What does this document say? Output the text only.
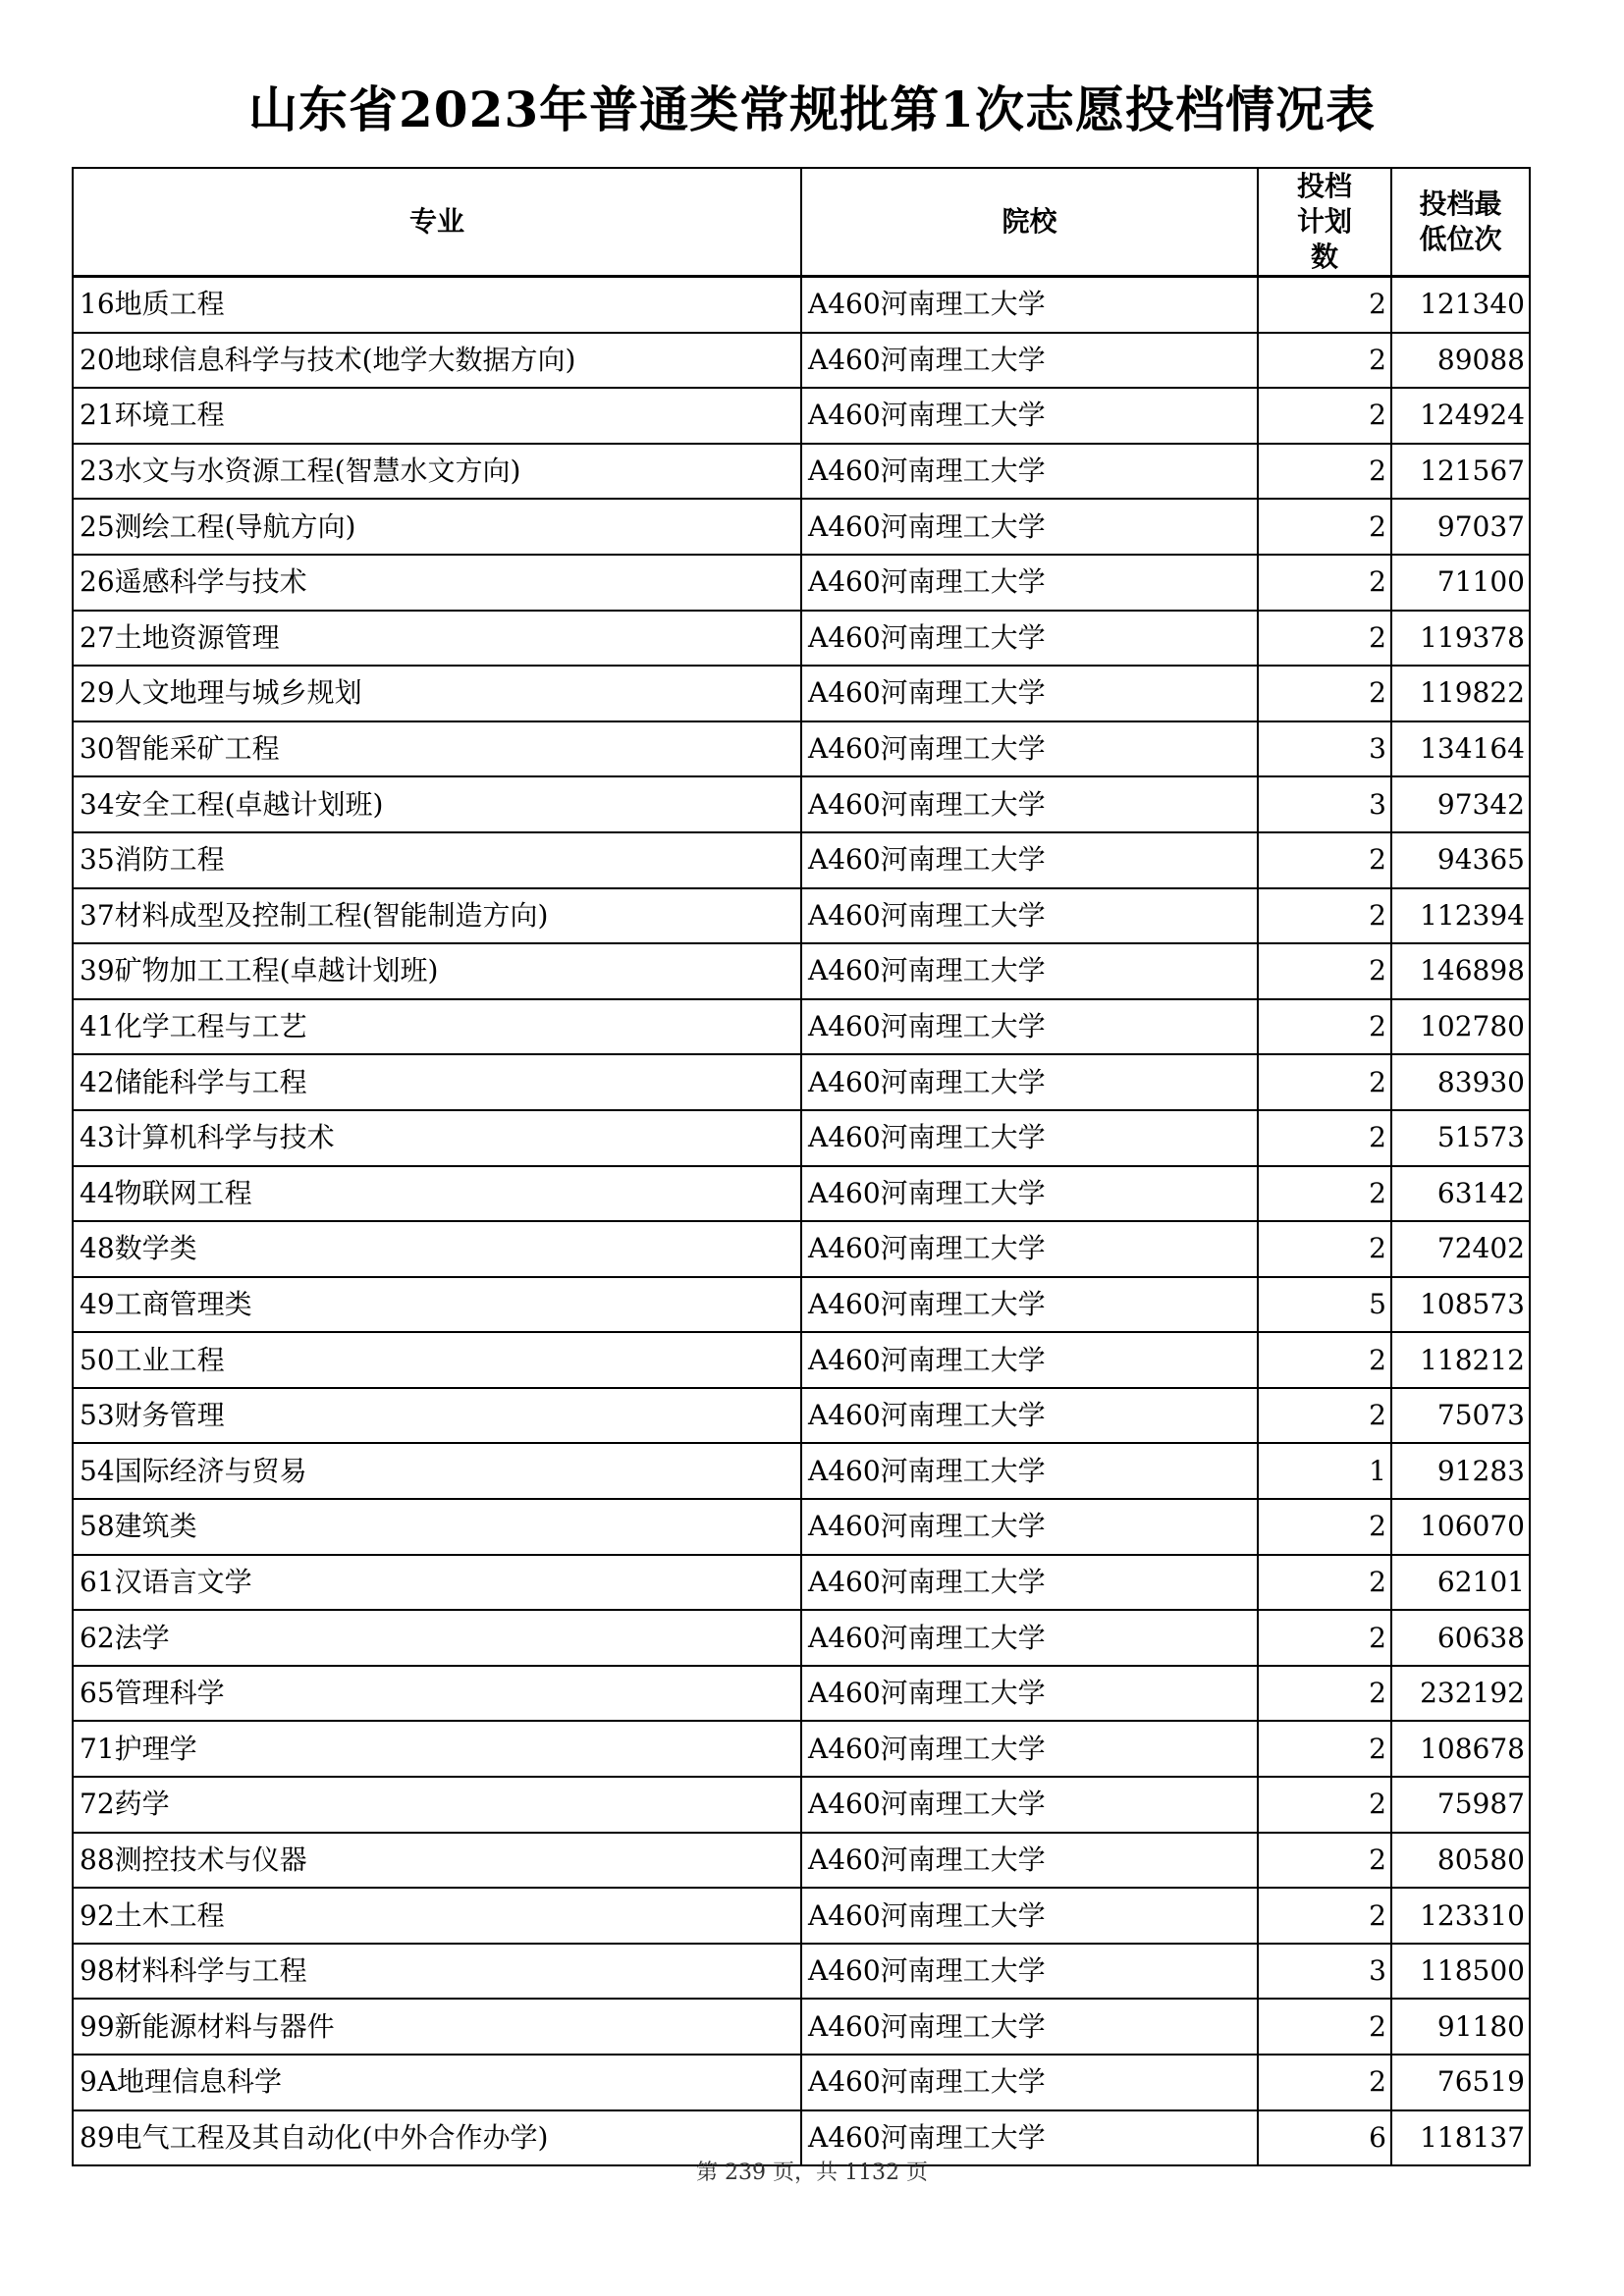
山东省2023年普通类常规批第1次志愿投档情况表
专业	院校	投档计划数	投档最低位次
16地质工程	A460河南理工大学	2	121340
20地球信息科学与技术(地学大数据方向)	A460河南理工大学	2	89088
21环境工程	A460河南理工大学	2	124924
23水文与水资源工程(智慧水文方向)	A460河南理工大学	2	121567
25测绘工程(导航方向)	A460河南理工大学	2	97037
26遥感科学与技术	A460河南理工大学	2	71100
27土地资源管理	A460河南理工大学	2	119378
29人文地理与城乡规划	A460河南理工大学	2	119822
30智能采矿工程	A460河南理工大学	3	134164
34安全工程(卓越计划班)	A460河南理工大学	3	97342
35消防工程	A460河南理工大学	2	94365
37材料成型及控制工程(智能制造方向)	A460河南理工大学	2	112394
39矿物加工工程(卓越计划班)	A460河南理工大学	2	146898
41化学工程与工艺	A460河南理工大学	2	102780
42储能科学与工程	A460河南理工大学	2	83930
43计算机科学与技术	A460河南理工大学	2	51573
44物联网工程	A460河南理工大学	2	63142
48数学类	A460河南理工大学	2	72402
49工商管理类	A460河南理工大学	5	108573
50工业工程	A460河南理工大学	2	118212
53财务管理	A460河南理工大学	2	75073
54国际经济与贸易	A460河南理工大学	1	91283
58建筑类	A460河南理工大学	2	106070
61汉语言文学	A460河南理工大学	2	62101
62法学	A460河南理工大学	2	60638
65管理科学	A460河南理工大学	2	232192
71护理学	A460河南理工大学	2	108678
72药学	A460河南理工大学	2	75987
88测控技术与仪器	A460河南理工大学	2	80580
92土木工程	A460河南理工大学	2	123310
98材料科学与工程	A460河南理工大学	3	118500
99新能源材料与器件	A460河南理工大学	2	91180
9A地理信息科学	A460河南理工大学	2	76519
89电气工程及其自动化(中外合作办学)	A460河南理工大学	6	118137
第 239 页，共 1132 页
